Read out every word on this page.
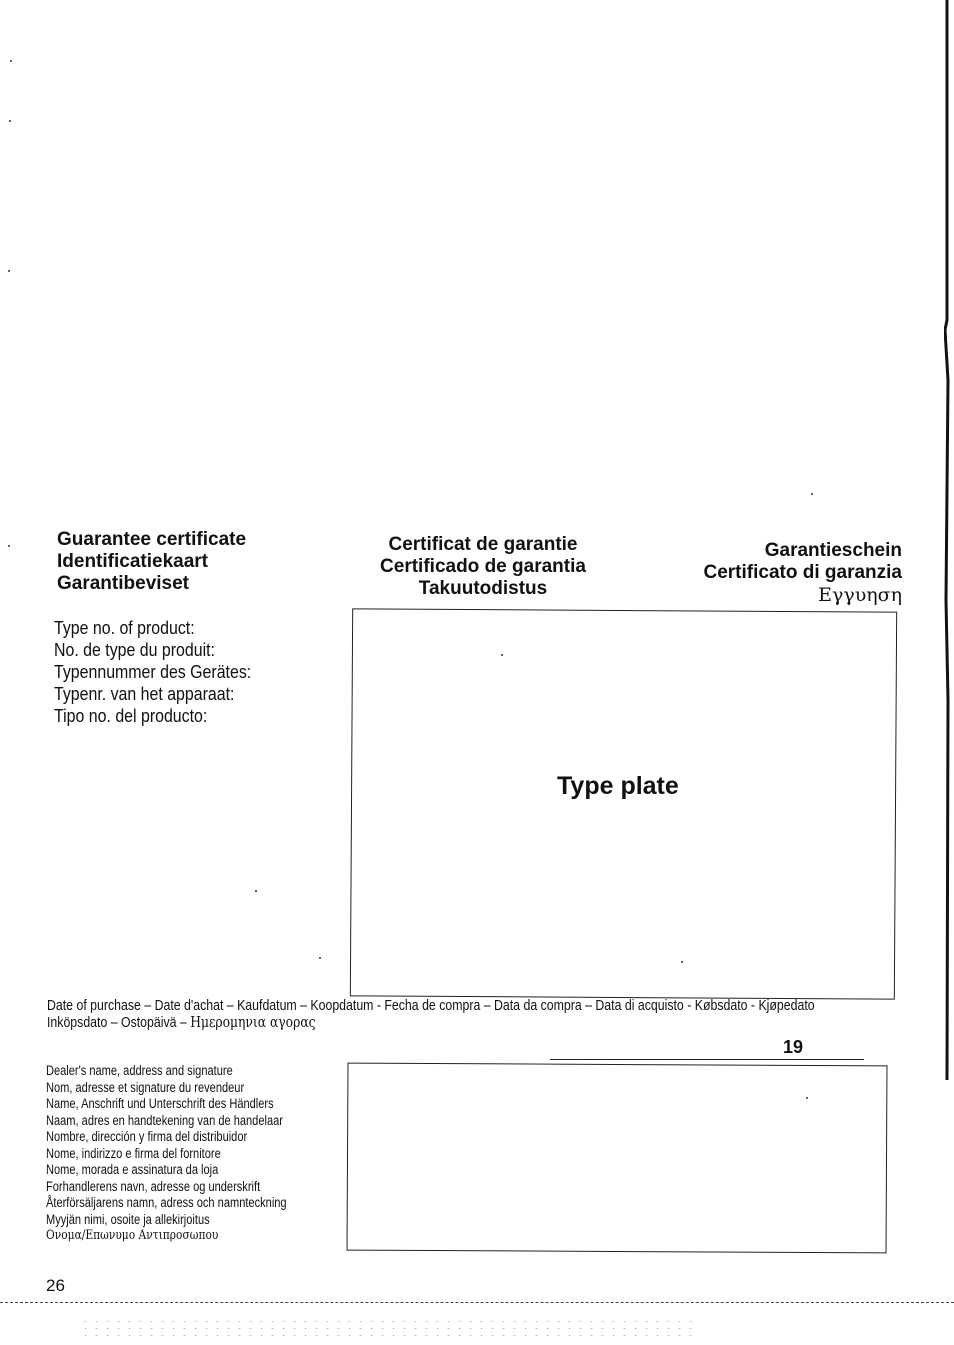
Guarantee certificate
Identificatiekaart
Garantibeviset
Certificat de garantie
Certificado de garantia
Takuutodistus
Garantieschein
Certificato di garanzia
Εγγυηση
Type no. of product:
No. de type du produit:
Typennummer des Gerätes:
Typenr. van het apparaat:
Tipo no. del producto:
Type plate
Date of purchase – Date d'achat – Kaufdatum – Koopdatum - Fecha de compra – Data da compra – Data di acquisto - Købsdato - Kjøpedato
Inköpsdato – Ostopäivä – Ημερομηνια αγορας
19
Dealer's name, address and signature
Nom, adresse et signature du revendeur
Name, Anschrift und Unterschrift des Händlers
Naam, adres en handtekening van de handelaar
Nombre, dirección y firma del distribuidor
Nome, indirizzo e firma del fornitore
Nome, morada e assinatura da loja
Forhandlerens navn, adresse og underskrift
Återförsäljarens namn, adress och namnteckning
Myyjän nimi, osoite ja allekirjoitus
Ονομα/Επωνυμο Αντιπροσωπου
26
